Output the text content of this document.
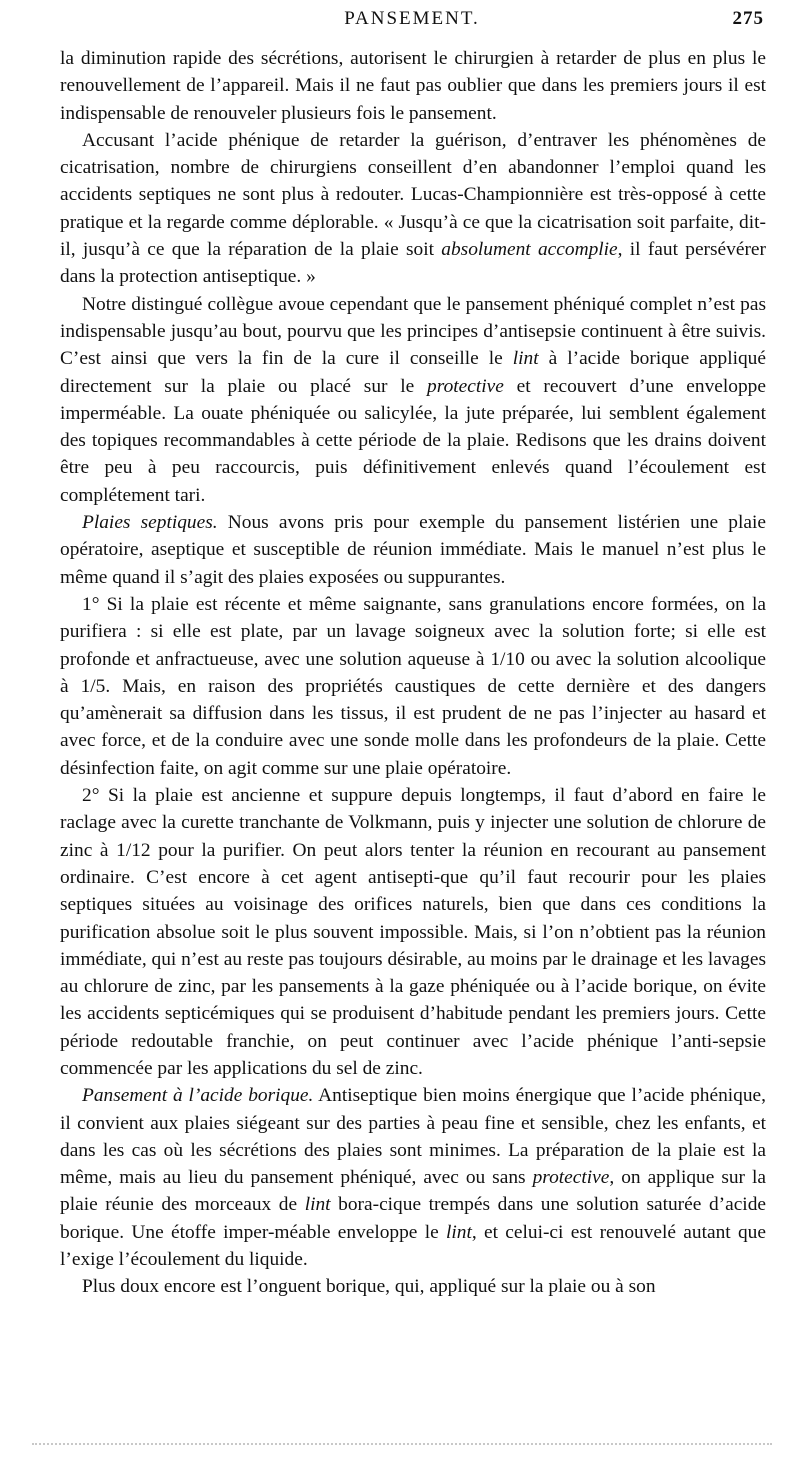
PANSEMENT.	275

la diminution rapide des sécrétions, autorisent le chirurgien à retarder de plus en plus le renouvellement de l’appareil. Mais il ne faut pas oublier que dans les premiers jours il est indispensable de renouveler plusieurs fois le pansement.

Accusant l’acide phénique de retarder la guérison, d’entraver les phénomènes de cicatrisation, nombre de chirurgiens conseillent d’en abandonner l’emploi quand les accidents septiques ne sont plus à redouter. Lucas-Championnière est très-opposé à cette pratique et la regarde comme déplorable. « Jusqu’à ce que la cicatrisation soit parfaite, dit-il, jusqu’à ce que la réparation de la plaie soit absolument accomplie, il faut persévérer dans la protection antiseptique. »

Notre distingué collègue avoue cependant que le pansement phéniqué complet n’est pas indispensable jusqu’au bout, pourvu que les principes d’antisepsie continuent à être suivis. C’est ainsi que vers la fin de la cure il conseille le lint à l’acide borique appliqué directement sur la plaie ou placé sur le protective et recouvert d’une enveloppe imperméable. La ouate phéniquée ou salicylée, la jute préparée, lui semblent également des topiques recommandables à cette période de la plaie. Redisons que les drains doivent être peu à peu raccourcis, puis définitivement enlevés quand l’écoulement est complétement tari.

Plaies septiques. Nous avons pris pour exemple du pansement listérien une plaie opératoire, aseptique et susceptible de réunion immédiate. Mais le manuel n’est plus le même quand il s’agit des plaies exposées ou suppurantes.

1° Si la plaie est récente et même saignante, sans granulations encore formées, on la purifiera : si elle est plate, par un lavage soigneux avec la solution forte; si elle est profonde et anfractueuse, avec une solution aqueuse à 1/10 ou avec la solution alcoolique à 1/5. Mais, en raison des propriétés caustiques de cette dernière et des dangers qu’amènerait sa diffusion dans les tissus, il est prudent de ne pas l’injecter au hasard et avec force, et de la conduire avec une sonde molle dans les profondeurs de la plaie. Cette désinfection faite, on agit comme sur une plaie opératoire.

2° Si la plaie est ancienne et suppure depuis longtemps, il faut d’abord en faire le raclage avec la curette tranchante de Volkmann, puis y injecter une solution de chlorure de zinc à 1/12 pour la purifier. On peut alors tenter la réunion en recourant au pansement ordinaire. C’est encore à cet agent antisepti-que qu’il faut recourir pour les plaies septiques situées au voisinage des orifices naturels, bien que dans ces conditions la purification absolue soit le plus souvent impossible. Mais, si l’on n’obtient pas la réunion immédiate, qui n’est au reste pas toujours désirable, au moins par le drainage et les lavages au chlorure de zinc, par les pansements à la gaze phéniquée ou à l’acide borique, on évite les accidents septicémiques qui se produisent d’habitude pendant les premiers jours. Cette période redoutable franchie, on peut continuer avec l’acide phénique l’anti-sepsie commencée par les applications du sel de zinc.

Pansement à l’acide borique. Antiseptique bien moins énergique que l’acide phénique, il convient aux plaies siégeant sur des parties à peau fine et sensible, chez les enfants, et dans les cas où les sécrétions des plaies sont minimes. La préparation de la plaie est la même, mais au lieu du pansement phéniqué, avec ou sans protective, on applique sur la plaie réunie des morceaux de lint bora-cique trempés dans une solution saturée d’acide borique. Une étoffe imper-méable enveloppe le lint, et celui-ci est renouvelé autant que l’exige l’écoulement du liquide.

Plus doux encore est l’onguent borique, qui, appliqué sur la plaie ou à son
